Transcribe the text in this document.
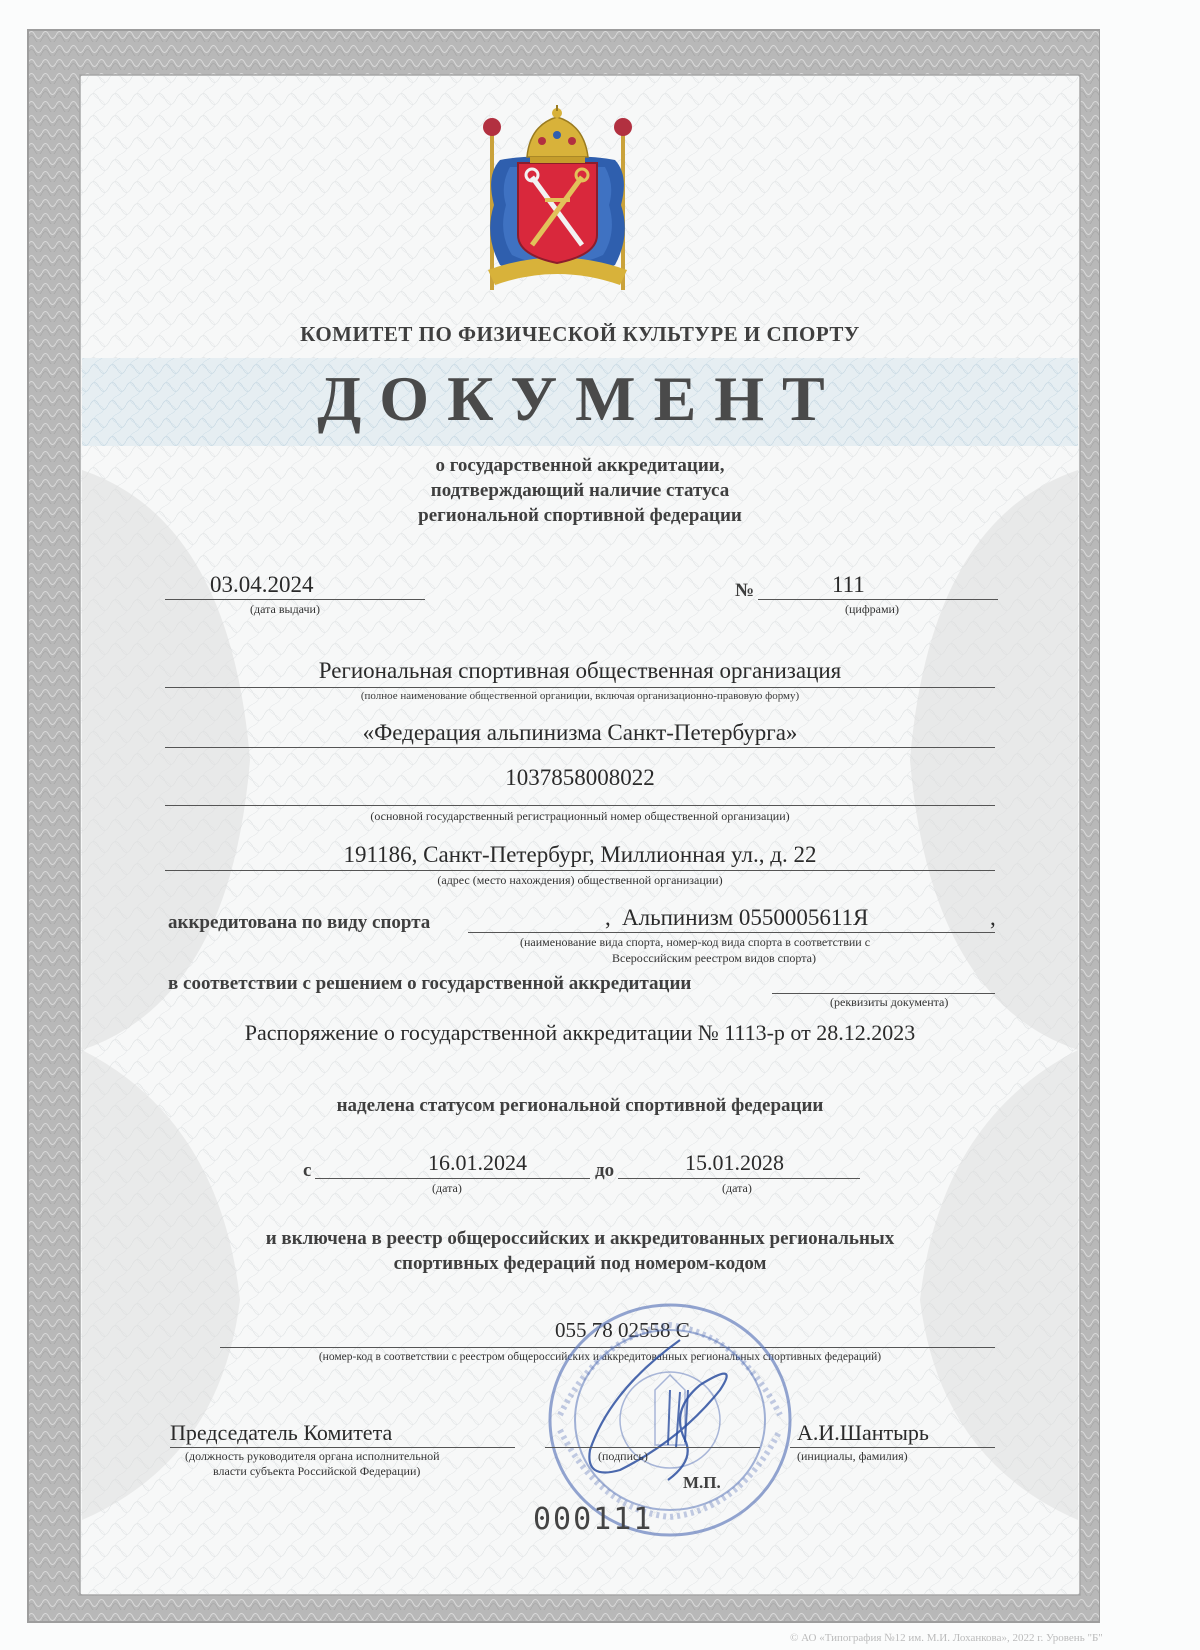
КОМИТЕТ ПО ФИЗИЧЕСКОЙ КУЛЬТУРЕ И СПОРТУ
ДОКУМЕНТ
о государственной аккредитации,
подтверждающий наличие статуса
региональной спортивной федерации
03.04.2024
(дата выдачи)
№	111
(цифрами)
Региональная спортивная общественная организация
(полное наименование общественной органиции, включая организационно-правовую форму)
«Федерация альпинизма Санкт-Петербурга»
1037858008022
(основной государственный регистрационный номер общественной организации)
191186, Санкт-Петербург, Миллионная ул., д. 22
(адрес (место нахождения) общественной организации)
аккредитована по виду спорта	, Альпинизм 0550005611Я	,
(наименование вида спорта, номер-код вида спорта в соответствии с
Всероссийским реестром видов спорта)
в соответствии с решением о государственной аккредитации
(реквизиты документа)
Распоряжение о государственной аккредитации № 1113-р от 28.12.2023
наделена статусом региональной спортивной федерации
с	16.01.2024
(дата)
до	15.01.2028
(дата)
и включена в реестр общероссийских и аккредитованных региональных
спортивных федераций под номером-кодом
055 78 02558 С
(номер-код в соответствии с реестром общероссийских и аккредитованных региональных спортивных федераций)
Председатель Комитета
(должность руководителя органа исполнительной
власти субъекта Российской Федерации)
(подпись)
А.И.Шантырь
(инициалы, фамилия)
М.П.
000111
© АО «Типография №12 им. М.И. Лоханкова», 2022 г. Уровень "Б"
